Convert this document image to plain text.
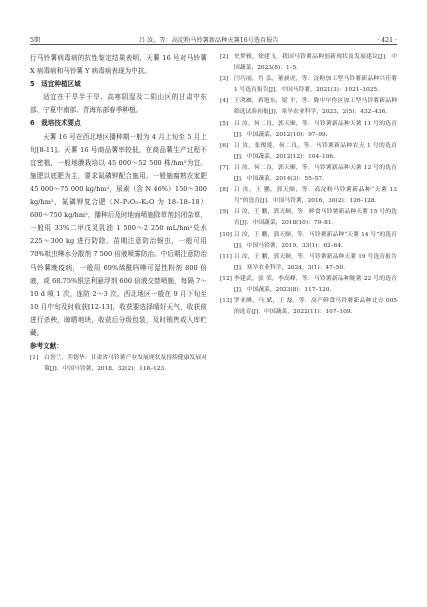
5期	吕 汝，等：高淀粉马铃薯新品种天薯16号选育报告	· 421 ·

行马铃薯病毒病的抗性鉴定结果表明，天薯 16 号对马铃薯 X 病毒病和马铃薯 Y 病毒病表现为中抗。

5　适宜种植区域

适宜在干旱半干旱、高寒阴湿及二阴山区的甘肃中东部、宁夏中南部、青海东部春季种植。

6　栽培技术要点

天薯 16 号在西北地区播种期一般为 4 月上旬至 5 月上旬[8-11]。天薯 16 号商品薯率较低，在商品薯生产过程不宜密植，一般地膜栽培以 45 000～52 500 株/hm²为宜。施肥以底肥为主，要求氮磷钾配合施用。一般施腐熟农家肥 45 000～75 000 kg/hm²，尿素（含 N 46%）150～300 kg/hm²，氮磷钾复合肥（N–P₂O₅–K₂O 为 18–18–18）600～750 kg/hm²，播种后及时地面喷施除草剂封闭杂草，一般用 33%二甲戊灵乳油 1 500～2 250 mL/hm²兑水 225～300 kg 进行防除。苗期注意防治蚜虫，一般可用 70%吡虫啉水分散剂 7 500 倍液喷雾防治。中后期注意防治马铃薯晚疫病，一般用 69%烯酰吗啉可湿性粉剂 800 倍液，或 68.75%银法利悬浮剂 600 倍液交替喷施，每隔 7～10 d 喷 1 次，连防 2～3 次。西北地区一般在 9 月下旬至 10 月中旬及时收获[12-13]，收获要选择晴好天气，收获前进行杀秧，晾晒地块，收获后分级包装，及时销售或入库贮藏。

参考文献：

[1] 白誉兰，乔德华．甘肃省马铃薯产业发展现状及持续健康发展对策[J]．中国马铃薯，2018，32(2)：118–123.
[2] 史梦雅，徐建飞．我国马铃薯品种创新现状及发展建议[J]．中国蔬菜，2023(8)：1–5.
[3] 闫巧丽，肖 弘，董昶虎，等．淀粉加工型马铃薯新品种兴佳薯 1 号选育报告[J]．中国马铃薯，2021(3)：1021–1025.
[4] 王鸿雁，蒋旭东，梁 平，等．陇中早作区加工型马铃薯新品种筛选试验初报[J]．寒旱农业科学，2023，2(5)：432–436.
[5] 吕 汝，何二良，郭天顺，等．马铃薯新品种天薯 11 号的选育[J]．中国蔬菜，2012(10)：97–99.
[6] 吕 汝，张俊莲，何二良，等．马铃薯新品种农天 1 号的选育[J]．中国蔬菜，2012(12)：104–106.
[7] 吕 汝，何二良，郭天顺，等．马铃薯新品种天薯 12 号的选育[J]．中国蔬菜，2014(3)：55–57.
[8] 吕 汝，王 鹏，郭天顺，等．高淀粉马铃薯新品种“天薯 13 号”的选育[J]．中国马铃薯，2016，30(2)：126–128.
[9] 吕 汝，王 鹏，郭天顺，等．鲜食马铃薯新品种天薯 15 号的选育[J]．中国蔬菜，2018(10)：79–81.
[10] 吕 汝，王 鹏，郭天顺，等．马铃薯新品种“天薯 14 号”的选育[J]．中国马铃薯，2019，33(1)：62–64.
[11] 吕 汝，王 鹏，郭天顺，等．马铃薯新品种天薯 19 号选育报告[J]．寒旱农业科学，2024，3(1)：47–50.
[12] 李建武，张 荣，李高峰，等．马铃薯新品种陇薯 22 号的选育[J]．中国蔬菜，2023(8)：117–120.
[13] 罗亚峰，马 斌，王 磊，等．高产鲜食马铃薯新品种北方 005 的选育[J]．中国蔬菜，2022(11)：107–109.
